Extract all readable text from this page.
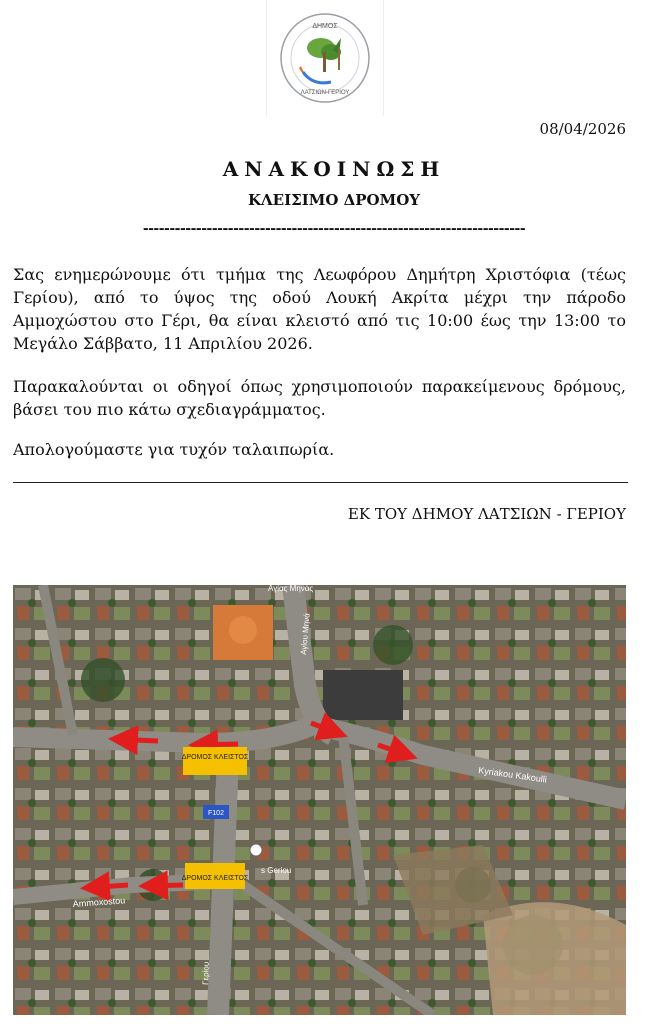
ΔΗΜΟΣ
ΛΑΤΣΙΩΝ-ΓΕΡΙΟΥ
08/04/2026
ΑΝΑΚΟΙΝΩΣΗ
ΚΛΕΙΣΙΜΟ ΔΡΟΜΟΥ
------------------------------------------------------------------------
Σας ενημερώνουμε ότι τμήμα της Λεωφόρου Δημήτρη Χριστόφια (τέως Γερίου), από το ύψος της οδού Λουκή Ακρίτα μέχρι την πάροδο Αμμοχώστου στο Γέρι, θα είναι κλειστό από τις 10:00 έως την 13:00 το Μεγάλο Σάββατο, 11 Απριλίου 2026.
Παρακαλούνται οι οδηγοί όπως χρησιμοποιούν παρακείμενους δρόμους, βάσει του πιο κάτω σχεδιαγράμματος.
Απολογούμαστε για τυχόν ταλαιπωρία.
ΕΚ ΤΟΥ ΔΗΜΟΥ ΛΑΤΣΙΩΝ - ΓΕΡΙΟΥ
ΔΡΟΜΟΣ ΚΛΕΙΣΤΟΣ
ΔΡΟΜΟΣ ΚΛΕΙΣΤΟΣ
F102
Αγίας Μηνάς
Αγίου Μηνά
Kyriakou Kakoulli
Ammoxostou
Γερίου
s Geriou
